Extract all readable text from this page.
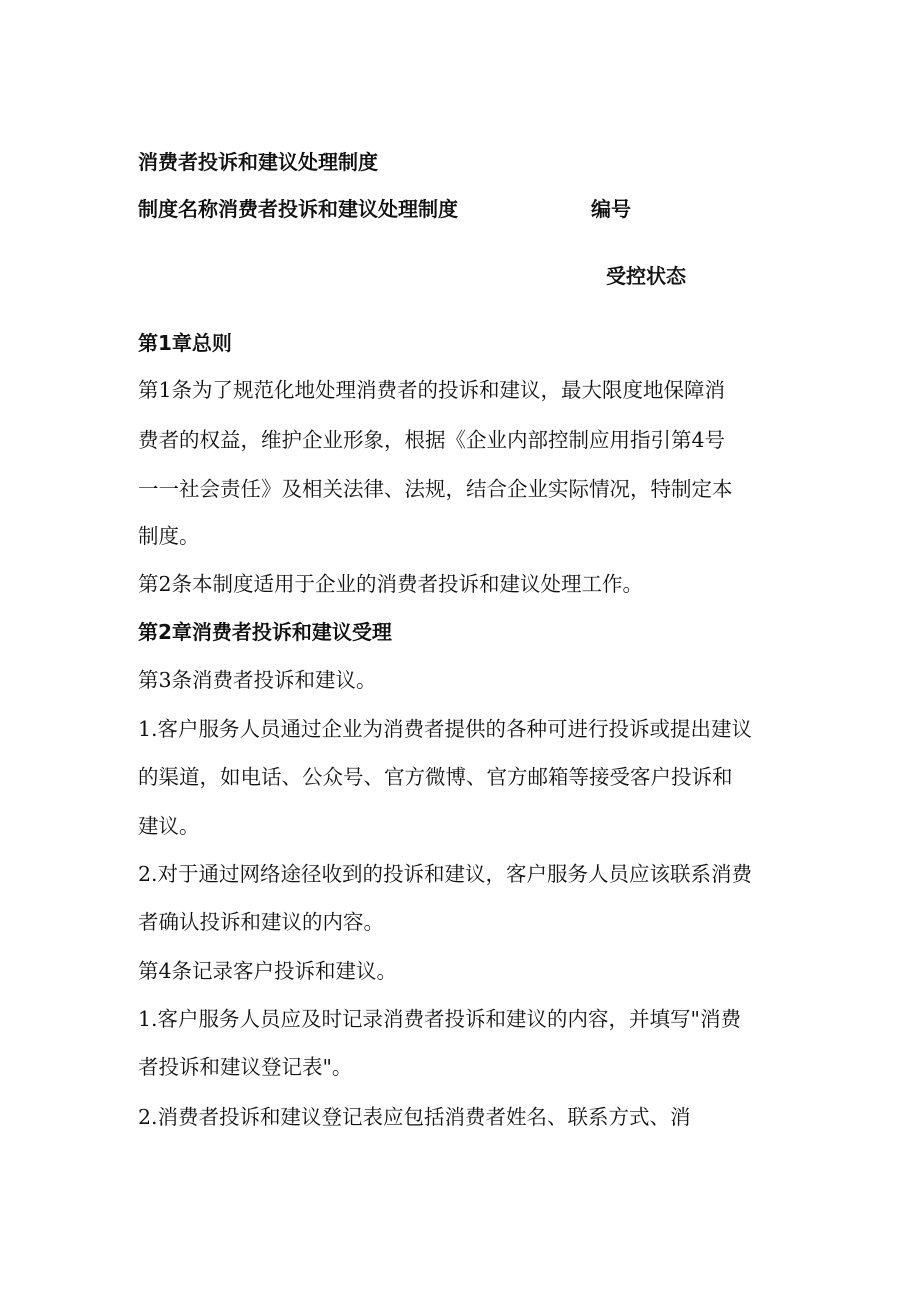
消费者投诉和建议处理制度

制度名称消费者投诉和建议处理制度	编号

受控状态

第1章总则

第1条为了规范化地处理消费者的投诉和建议，最大限度地保障消

费者的权益，维护企业形象，根据《企业内部控制应用指引第4号

一一社会责任》及相关法律、法规，结合企业实际情况，特制定本

制度。

第2条本制度适用于企业的消费者投诉和建议处理工作。

第2章消费者投诉和建议受理

第3条消费者投诉和建议。

1.客户服务人员通过企业为消费者提供的各种可进行投诉或提出建议

的渠道，如电话、公众号、官方微博、官方邮箱等接受客户投诉和

建议。

2.对于通过网络途径收到的投诉和建议，客户服务人员应该联系消费

者确认投诉和建议的内容。

第4条记录客户投诉和建议。

1.客户服务人员应及时记录消费者投诉和建议的内容，并填写"消费

者投诉和建议登记表"。

2.消费者投诉和建议登记表应包括消费者姓名、联系方式、消
